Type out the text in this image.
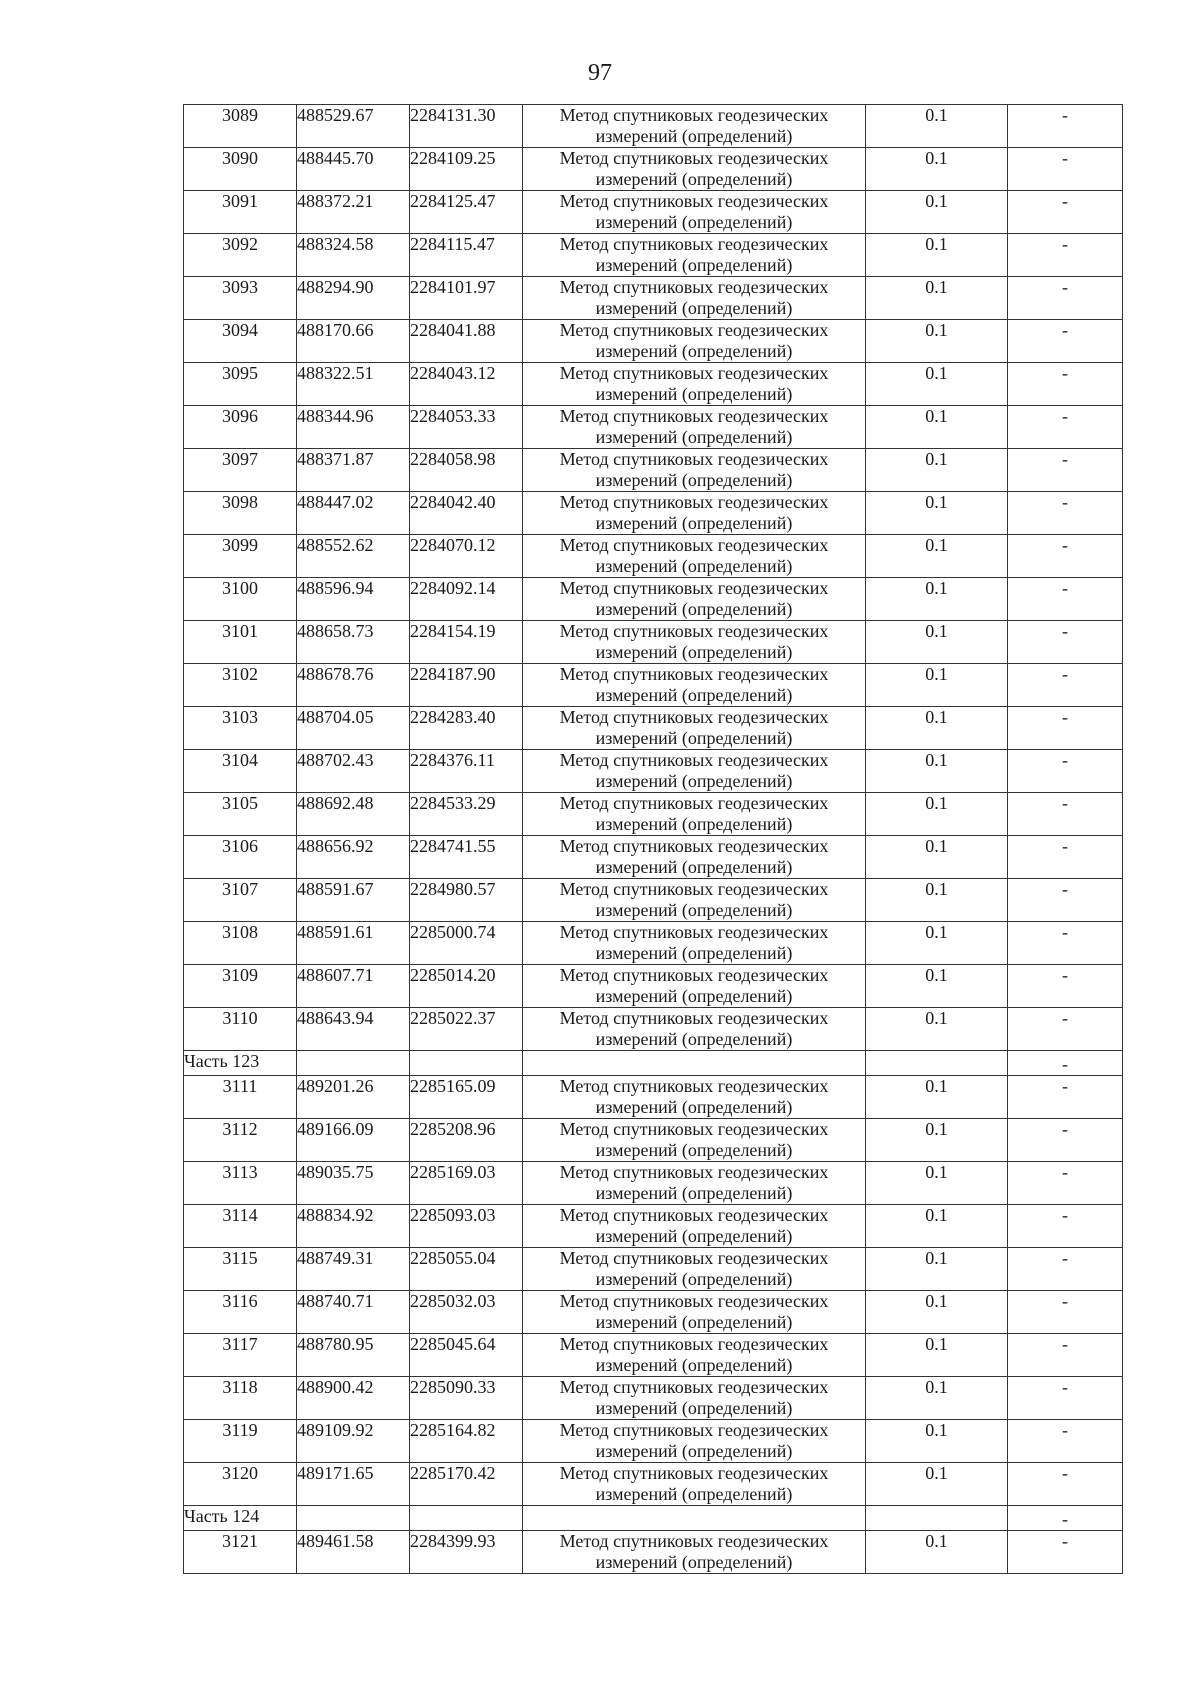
97
3089	488529.67	2284131.30	Метод спутниковых геодезических
измерений (определений)	0.1	-
3090	488445.70	2284109.25	Метод спутниковых геодезических
измерений (определений)	0.1	-
3091	488372.21	2284125.47	Метод спутниковых геодезических
измерений (определений)	0.1	-
3092	488324.58	2284115.47	Метод спутниковых геодезических
измерений (определений)	0.1	-
3093	488294.90	2284101.97	Метод спутниковых геодезических
измерений (определений)	0.1	-
3094	488170.66	2284041.88	Метод спутниковых геодезических
измерений (определений)	0.1	-
3095	488322.51	2284043.12	Метод спутниковых геодезических
измерений (определений)	0.1	-
3096	488344.96	2284053.33	Метод спутниковых геодезических
измерений (определений)	0.1	-
3097	488371.87	2284058.98	Метод спутниковых геодезических
измерений (определений)	0.1	-
3098	488447.02	2284042.40	Метод спутниковых геодезических
измерений (определений)	0.1	-
3099	488552.62	2284070.12	Метод спутниковых геодезических
измерений (определений)	0.1	-
3100	488596.94	2284092.14	Метод спутниковых геодезических
измерений (определений)	0.1	-
3101	488658.73	2284154.19	Метод спутниковых геодезических
измерений (определений)	0.1	-
3102	488678.76	2284187.90	Метод спутниковых геодезических
измерений (определений)	0.1	-
3103	488704.05	2284283.40	Метод спутниковых геодезических
измерений (определений)	0.1	-
3104	488702.43	2284376.11	Метод спутниковых геодезических
измерений (определений)	0.1	-
3105	488692.48	2284533.29	Метод спутниковых геодезических
измерений (определений)	0.1	-
3106	488656.92	2284741.55	Метод спутниковых геодезических
измерений (определений)	0.1	-
3107	488591.67	2284980.57	Метод спутниковых геодезических
измерений (определений)	0.1	-
3108	488591.61	2285000.74	Метод спутниковых геодезических
измерений (определений)	0.1	-
3109	488607.71	2285014.20	Метод спутниковых геодезических
измерений (определений)	0.1	-
3110	488643.94	2285022.37	Метод спутниковых геодезических
измерений (определений)	0.1	-
Часть 123					-
3111	489201.26	2285165.09	Метод спутниковых геодезических
измерений (определений)	0.1	-
3112	489166.09	2285208.96	Метод спутниковых геодезических
измерений (определений)	0.1	-
3113	489035.75	2285169.03	Метод спутниковых геодезических
измерений (определений)	0.1	-
3114	488834.92	2285093.03	Метод спутниковых геодезических
измерений (определений)	0.1	-
3115	488749.31	2285055.04	Метод спутниковых геодезических
измерений (определений)	0.1	-
3116	488740.71	2285032.03	Метод спутниковых геодезических
измерений (определений)	0.1	-
3117	488780.95	2285045.64	Метод спутниковых геодезических
измерений (определений)	0.1	-
3118	488900.42	2285090.33	Метод спутниковых геодезических
измерений (определений)	0.1	-
3119	489109.92	2285164.82	Метод спутниковых геодезических
измерений (определений)	0.1	-
3120	489171.65	2285170.42	Метод спутниковых геодезических
измерений (определений)	0.1	-
Часть 124					-
3121	489461.58	2284399.93	Метод спутниковых геодезических
измерений (определений)	0.1	-
